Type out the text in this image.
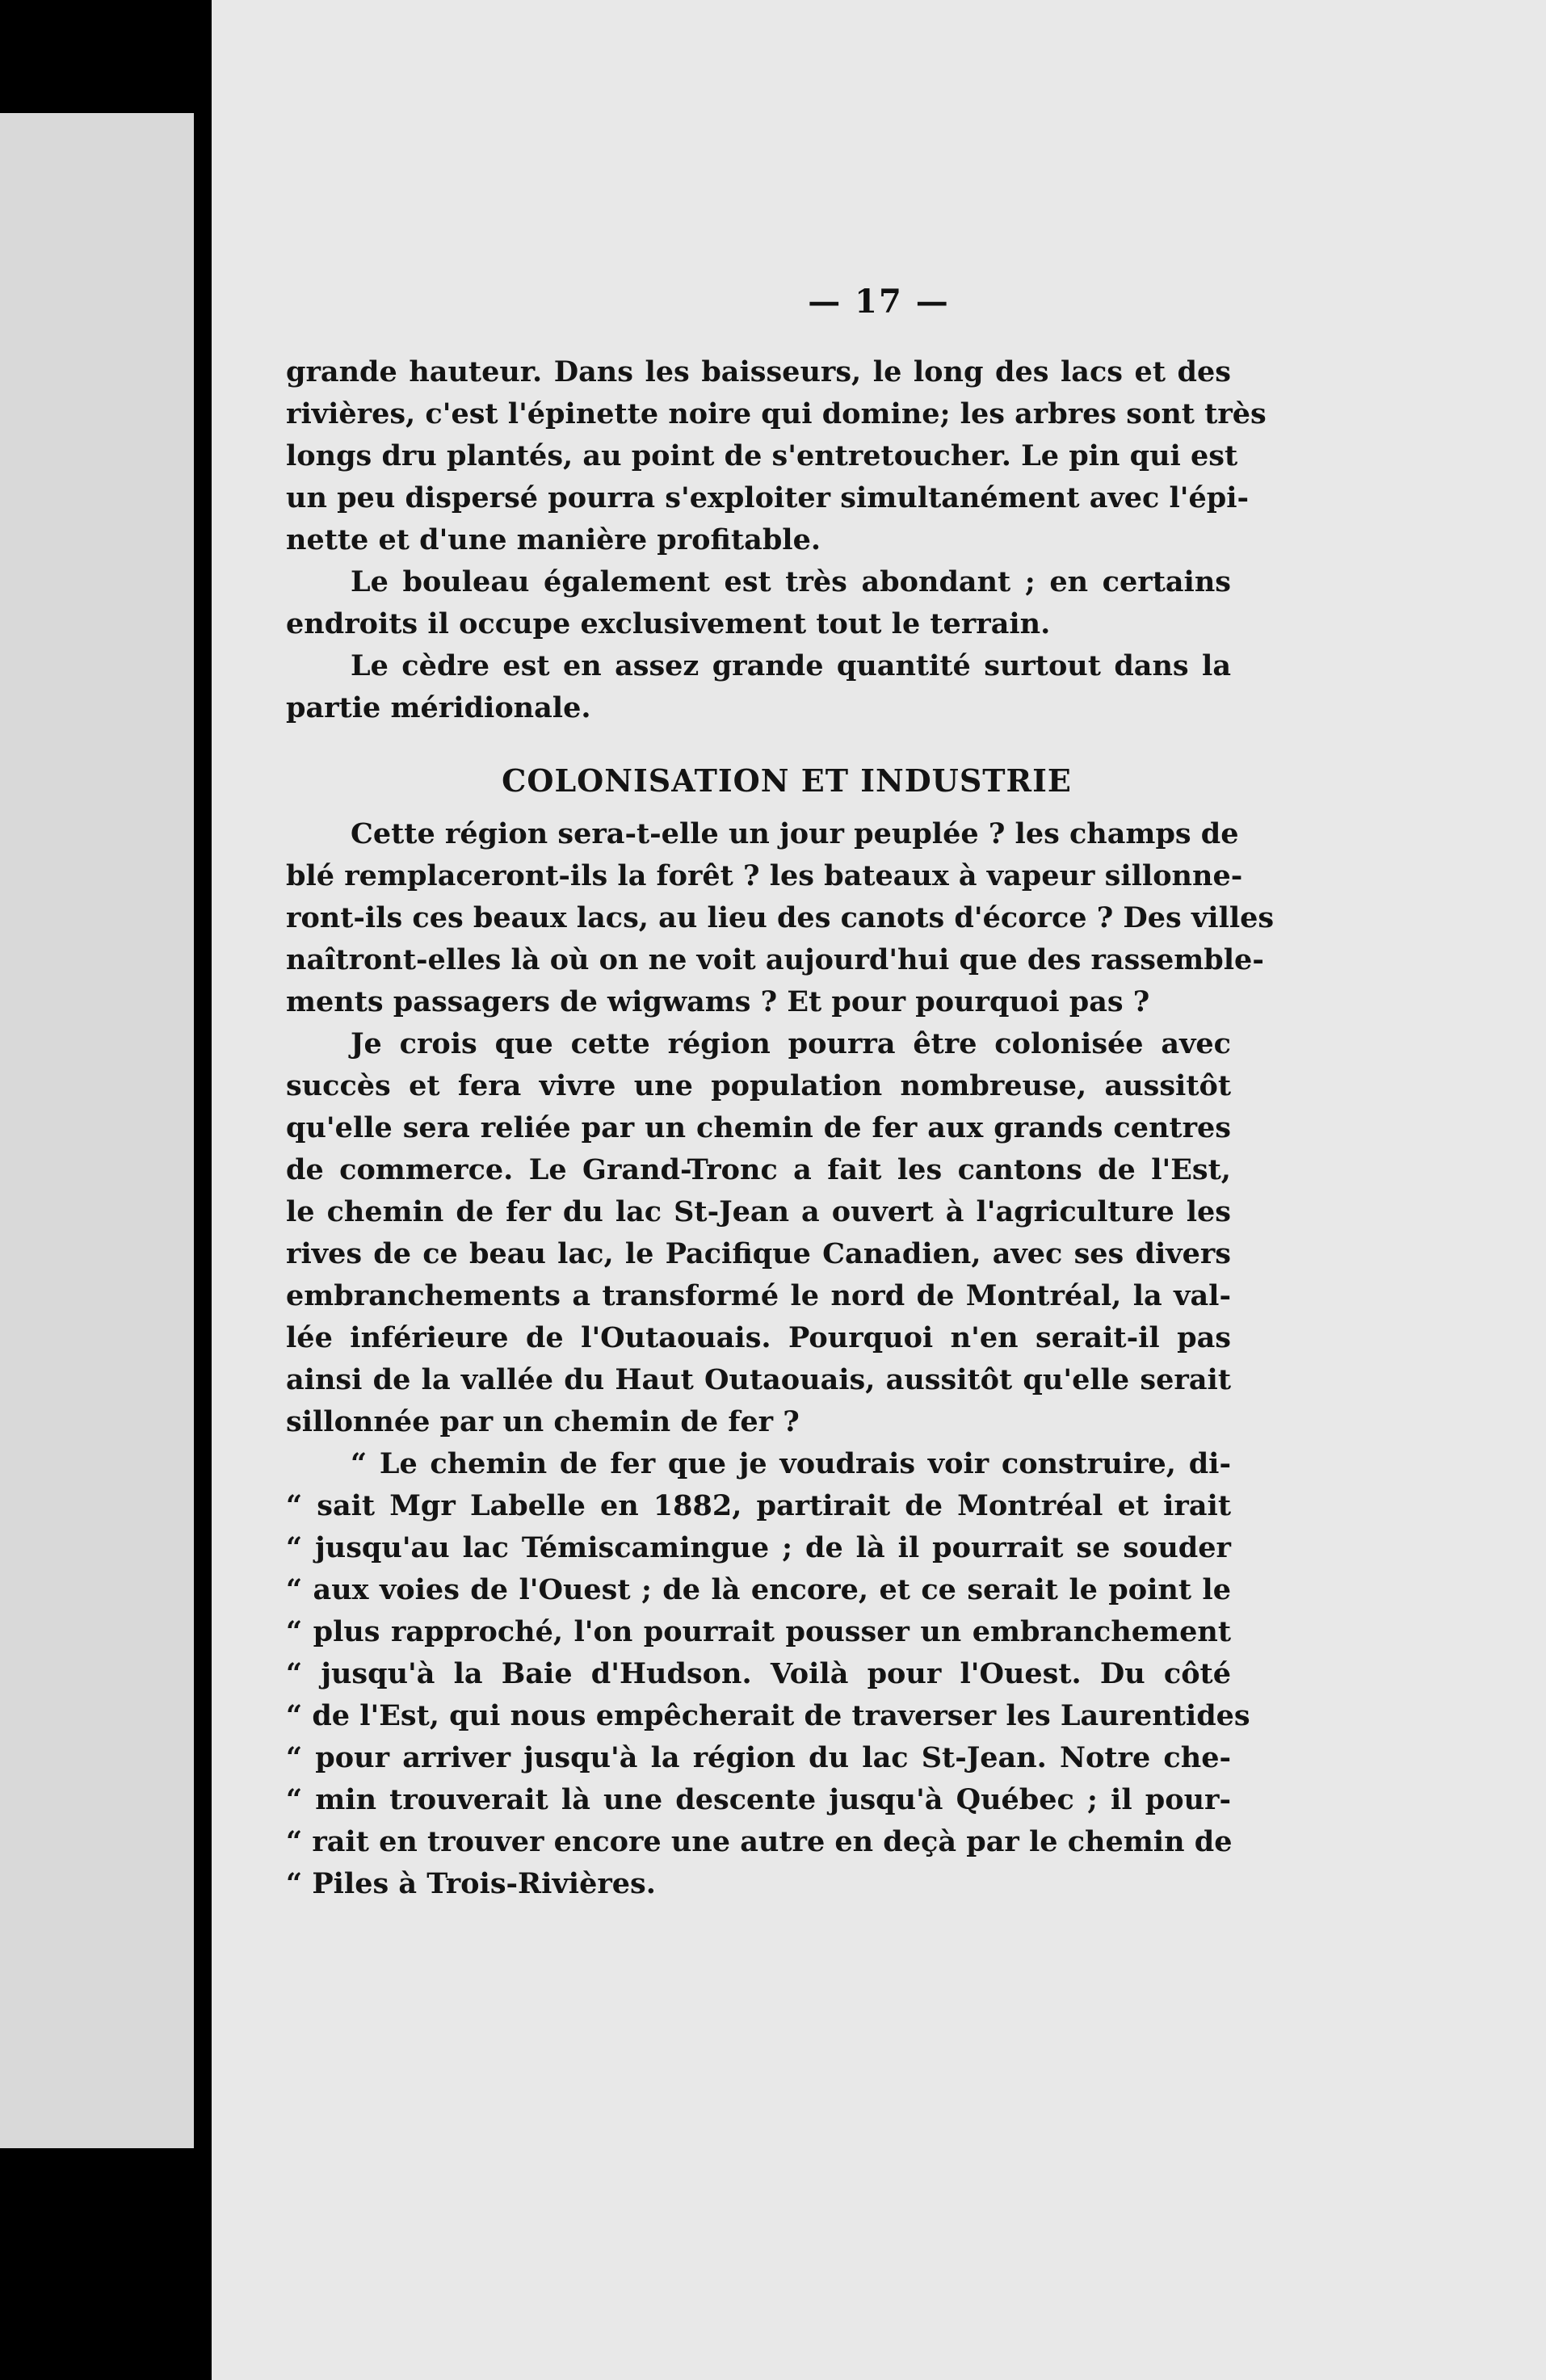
— 17 —
grande hauteur. Dans les baisseurs, le long des lacs et des
rivières, c'est l'épinette noire qui domine; les arbres sont très
longs dru plantés, au point de s'entretoucher. Le pin qui est
un peu dispersé pourra s'exploiter simultanément avec l'épi-
nette et d'une manière profitable.
Le bouleau également est très abondant ; en certains
endroits il occupe exclusivement tout le terrain.
Le cèdre est en assez grande quantité surtout dans la
partie méridionale.
COLONISATION ET INDUSTRIE
Cette région sera-t-elle un jour peuplée ? les champs de
blé remplaceront-ils la forêt ? les bateaux à vapeur sillonne-
ront-ils ces beaux lacs, au lieu des canots d'écorce ? Des villes
naîtront-elles là où on ne voit aujourd'hui que des rassemble-
ments passagers de wigwams ? Et pour pourquoi pas ?
Je crois que cette région pourra être colonisée avec
succès et fera vivre une population nombreuse, aussitôt
qu'elle sera reliée par un chemin de fer aux grands centres
de commerce. Le Grand-Tronc a fait les cantons de l'Est,
le chemin de fer du lac St-Jean a ouvert à l'agriculture les
rives de ce beau lac, le Pacifique Canadien, avec ses divers
embranchements a transformé le nord de Montréal, la val-
lée inférieure de l'Outaouais. Pourquoi n'en serait-il pas
ainsi de la vallée du Haut Outaouais, aussitôt qu'elle serait
sillonnée par un chemin de fer ?
“ Le chemin de fer que je voudrais voir construire, di-
“ sait Mgr Labelle en 1882, partirait de Montréal et irait
“ jusqu'au lac Témiscamingue ; de là il pourrait se souder
“ aux voies de l'Ouest ; de là encore, et ce serait le point le
“ plus rapproché, l'on pourrait pousser un embranchement
“ jusqu'à la Baie d'Hudson. Voilà pour l'Ouest. Du côté
“ de l'Est, qui nous empêcherait de traverser les Laurentides
“ pour arriver jusqu'à la région du lac St-Jean. Notre che-
“ min trouverait là une descente jusqu'à Québec ; il pour-
“ rait en trouver encore une autre en deçà par le chemin de
“ Piles à Trois-Rivières.
